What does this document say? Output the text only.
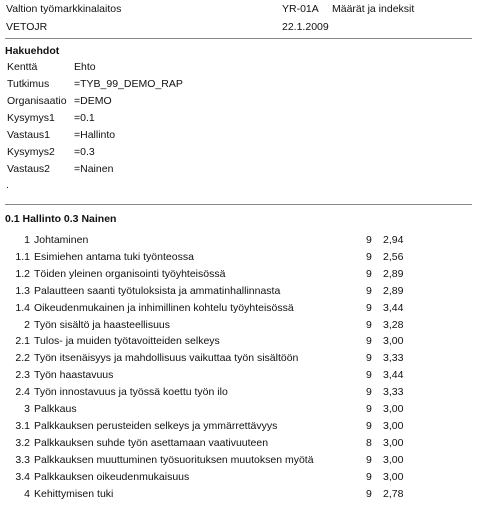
Valtion työmarkkinalaitos	YR-01A Määrät ja indeksit
VETOJR	22.1.2009
Hakuehdot
Kenttä	Ehto
Tutkimus =TYB_99_DEMO_RAP
Organisaatio =DEMO
Kysymys1 =0.1
Vastaus1 =Hallinto
Kysymys2 =0.3
Vastaus2 =Nainen
.
0.1 Hallinto 0.3 Nainen
1 Johtaminen	9 2,94
1.1 Esimiehen antama tuki työnteossa	9 2,56
1.2 Töiden yleinen organisointi työyhteisössä	9 2,89
1.3 Palautteen saanti työtuloksista ja ammatinhallinnasta	9 2,89
1.4 Oikeudenmukainen ja inhimillinen kohtelu työyhteisössä	9 3,44
2 Työn sisältö ja haasteellisuus	9 3,28
2.1 Tulos- ja muiden työtavoitteiden selkeys	9 3,00
2.2 Työn itsenäisyys ja mahdollisuus vaikuttaa työn sisältöön	9 3,33
2.3 Työn haastavuus	9 3,44
2.4 Työn innostavuus ja työssä koettu työn ilo	9 3,33
3 Palkkaus	9 3,00
3.1 Palkkauksen perusteiden selkeys ja ymmärrettävyys	9 3,00
3.2 Palkkauksen suhde työn asettamaan vaativuuteen	8 3,00
3.3 Palkkauksen muuttuminen työsuorituksen muutoksen myötä	9 3,00
3.4 Palkkauksen oikeudenmukaisuus	9 3,00
4 Kehittymisen tuki	9 2,78
